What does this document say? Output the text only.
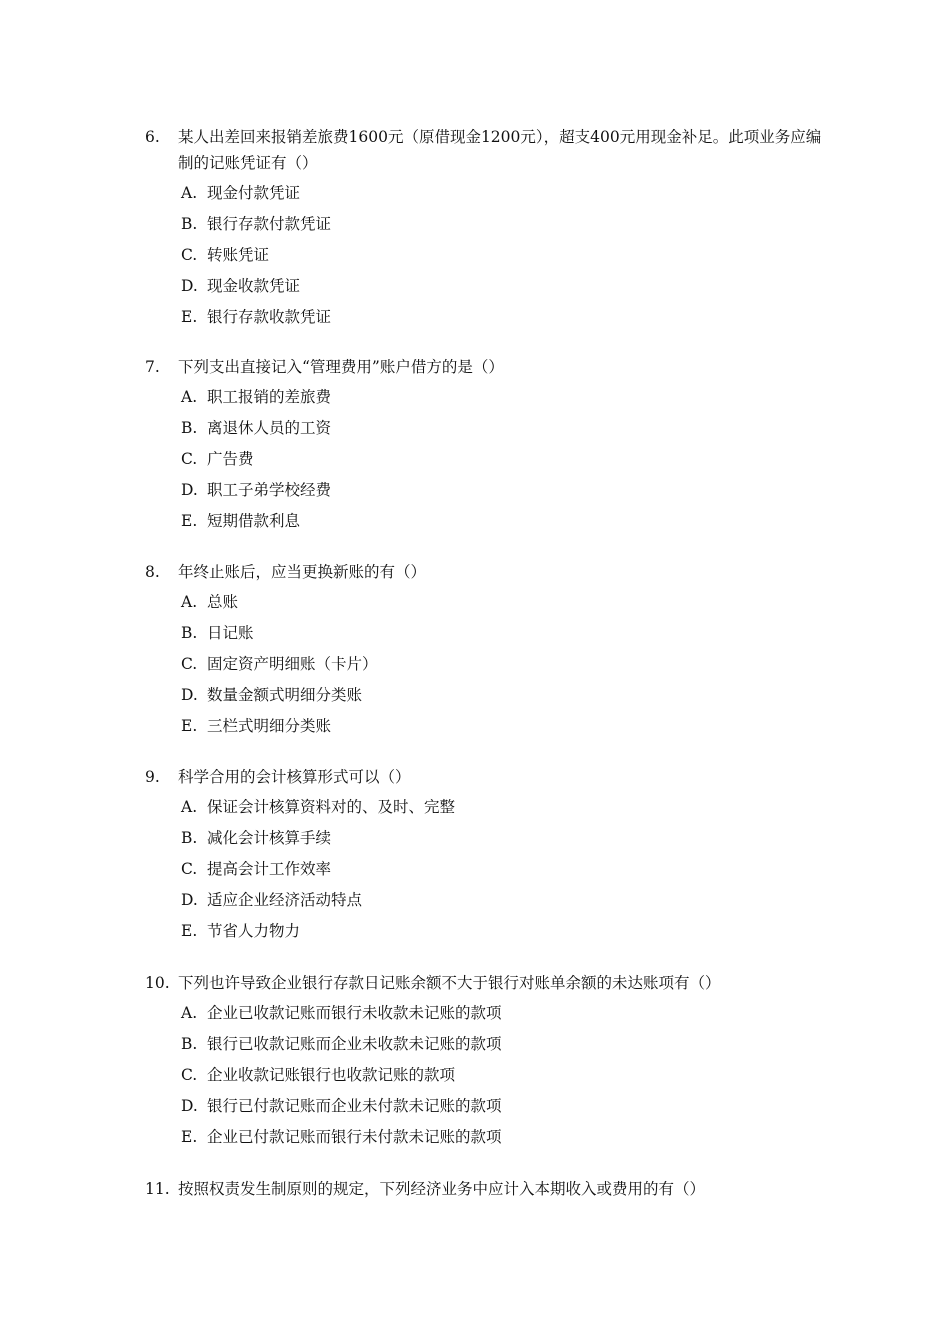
6.	某人出差回来报销差旅费1600元（原借现金1200元），超支400元用现金补足。此项业务应编制的记账凭证有（）
A. 现金付款凭证
B. 银行存款付款凭证
C. 转账凭证
D. 现金收款凭证
E. 银行存款收款凭证
7.	下列支出直接记入“管理费用”账户借方的是（）
A. 职工报销的差旅费
B. 离退休人员的工资
C. 广告费
D. 职工子弟学校经费
E. 短期借款利息
8.	年终止账后，应当更换新账的有（）
A. 总账
B. 日记账
C. 固定资产明细账（卡片）
D. 数量金额式明细分类账
E. 三栏式明细分类账
9.	科学合用的会计核算形式可以（）
A. 保证会计核算资料对的、及时、完整
B. 减化会计核算手续
C. 提高会计工作效率
D. 适应企业经济活动特点
E. 节省人力物力
10. 下列也许导致企业银行存款日记账余额不大于银行对账单余额的未达账项有（）
A. 企业已收款记账而银行未收款未记账的款项
B. 银行已收款记账而企业未收款未记账的款项
C. 企业收款记账银行也收款记账的款项
D. 银行已付款记账而企业未付款未记账的款项
E. 企业已付款记账而银行未付款未记账的款项
11. 按照权责发生制原则的规定，下列经济业务中应计入本期收入或费用的有（）
